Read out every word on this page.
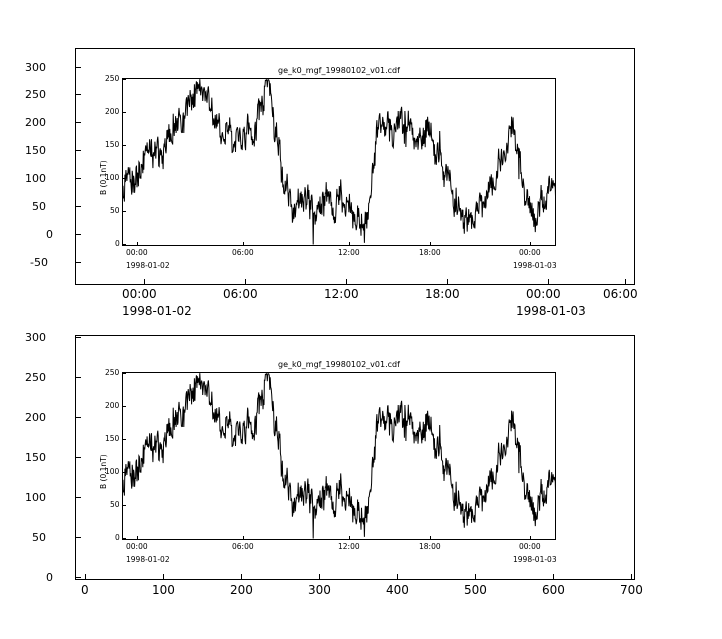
300
250
200
150
100
50
0
-50
00:00	06:00	12:00	18:00	00:00	06:00
1998-01-02	1998-01-03
250
200
150
100
50
0
B (0.1nT)
ge_k0_mgf_19980102_v01.cdf
00:00	06:00	12:00	18:00	00:00
1998-01-02	1998-01-03
300
250
200
150
100
50
0
0	100	200	300	400	500	600	700
250
200
150
100
50
0
B (0.1nT)
ge_k0_mgf_19980102_v01.cdf
00:00	06:00	12:00	18:00	00:00
1998-01-02	1998-01-03
